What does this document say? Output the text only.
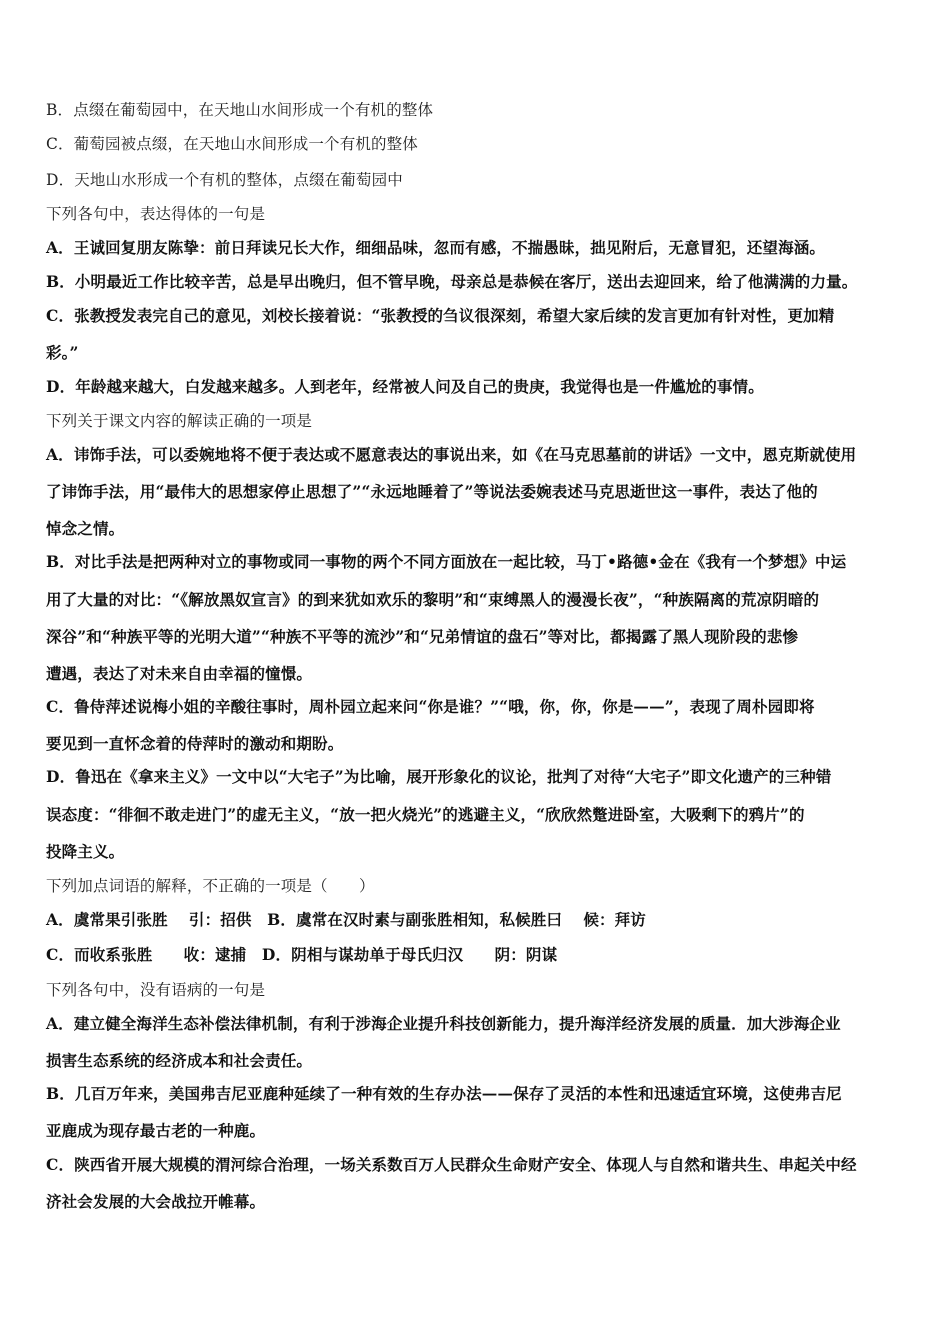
B．点缀在葡萄园中，在天地山水间形成一个有机的整体
C．葡萄园被点缀，在天地山水间形成一个有机的整体
D．天地山水形成一个有机的整体，点缀在葡萄园中
下列各句中，表达得体的一句是
A．王诚回复朋友陈挚：前日拜读兄长大作，细细品味，忽而有感，不揣愚昧，拙见附后，无意冒犯，还望海涵。
B．小明最近工作比较辛苦，总是早出晚归，但不管早晚，母亲总是恭候在客厅，送出去迎回来，给了他满满的力量。
C．张教授发表完自己的意见，刘校长接着说：“张教授的刍议很深刻，希望大家后续的发言更加有针对性，更加精
彩。”
D．年龄越来越大，白发越来越多。人到老年，经常被人问及自己的贵庚，我觉得也是一件尴尬的事情。
下列关于课文内容的解读正确的一项是
A．讳饰手法，可以委婉地将不便于表达或不愿意表达的事说出来，如《在马克思墓前的讲话》一文中，恩克斯就使用
了讳饰手法，用“最伟大的思想家停止思想了”“永远地睡着了”等说法委婉表述马克思逝世这一事件，表达了他的
悼念之情。
B．对比手法是把两种对立的事物或同一事物的两个不同方面放在一起比较，马丁•路德•金在《我有一个梦想》中运
用了大量的对比：“《解放黑奴宣言》的到来犹如欢乐的黎明”和“束缚黑人的漫漫长夜”，“种族隔离的荒凉阴暗的
深谷”和“种族平等的光明大道”“种族不平等的流沙”和“兄弟情谊的盘石”等对比，都揭露了黑人现阶段的悲惨
遭遇，表达了对未来自由幸福的憧憬。
C．鲁侍萍述说梅小姐的辛酸往事时，周朴园立起来问“你是谁？”“哦，你，你，你是——”，表现了周朴园即将
要见到一直怀念着的侍萍时的激动和期盼。
D．鲁迅在《拿来主义》一文中以“大宅子”为比喻，展开形象化的议论，批判了对待“大宅子”即文化遗产的三种错
误态度：“徘徊不敢走进门”的虚无主义，“放一把火烧光”的逃避主义，“欣欣然蹩进卧室，大吸剩下的鸦片”的
投降主义。
下列加点词语的解释，不正确的一项是（　　）
A．虞常果引张胜　 引：招供　B．虞常在汉时素与副张胜相知，私候胜曰　 候：拜访
C．而收系张胜　　收：逮捕　D．阴相与谋劫单于母氏归汉　　阴：阴谋
下列各句中，没有语病的一句是
A．建立健全海洋生态补偿法律机制，有利于涉海企业提升科技创新能力，提升海洋经济发展的质量．加大涉海企业
损害生态系统的经济成本和社会责任。
B．几百万年来，美国弗吉尼亚鹿种延续了一种有效的生存办法——保存了灵活的本性和迅速适宜环境，这使弗吉尼
亚鹿成为现存最古老的一种鹿。
C．陕西省开展大规模的渭河综合治理，一场关系数百万人民群众生命财产安全、体现人与自然和谐共生、串起关中经
济社会发展的大会战拉开帷幕。
